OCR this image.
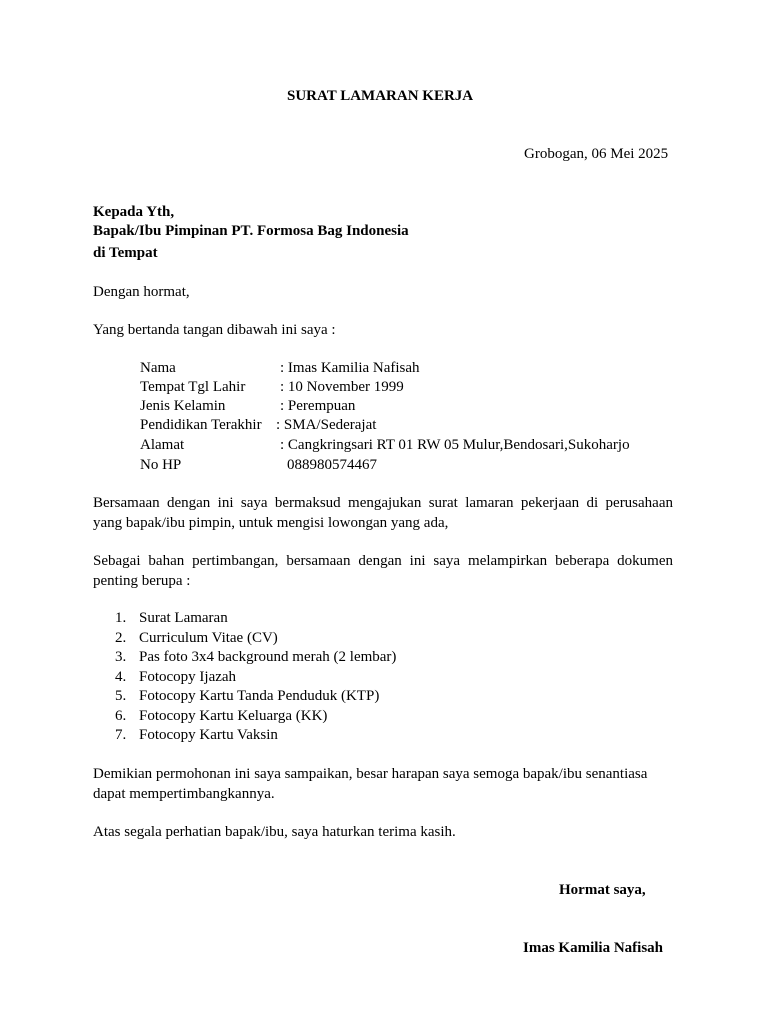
SURAT LAMARAN KERJA
Grobogan, 06 Mei 2025
Kepada Yth,
Bapak/Ibu Pimpinan PT. Formosa Bag Indonesia
di Tempat
Dengan hormat,
Yang bertanda tangan dibawah ini saya :
Nama	: Imas Kamilia Nafisah
Tempat Tgl Lahir : 10 November 1999
Jenis Kelamin	: Perempuan
Pendidikan Terakhir : SMA/Sederajat
Alamat	: Cangkringsari RT 01 RW 05 Mulur,Bendosari,Sukoharjo
No HP	088980574467
Bersamaan dengan ini saya bermaksud mengajukan surat lamaran pekerjaan di perusahaan
yang bapak/ibu pimpin, untuk mengisi lowongan yang ada,
Sebagai bahan pertimbangan, bersamaan dengan ini saya melampirkan beberapa dokumen
penting berupa :
1. Surat Lamaran
2. Curriculum Vitae (CV)
3. Pas foto 3x4 background merah (2 lembar)
4. Fotocopy Ijazah
5. Fotocopy Kartu Tanda Penduduk (KTP)
6. Fotocopy Kartu Keluarga (KK)
7. Fotocopy Kartu Vaksin
Demikian permohonan ini saya sampaikan, besar harapan saya semoga bapak/ibu senantiasa
dapat mempertimbangkannya.
Atas segala perhatian bapak/ibu, saya haturkan terima kasih.
Hormat saya,
Imas Kamilia Nafisah
